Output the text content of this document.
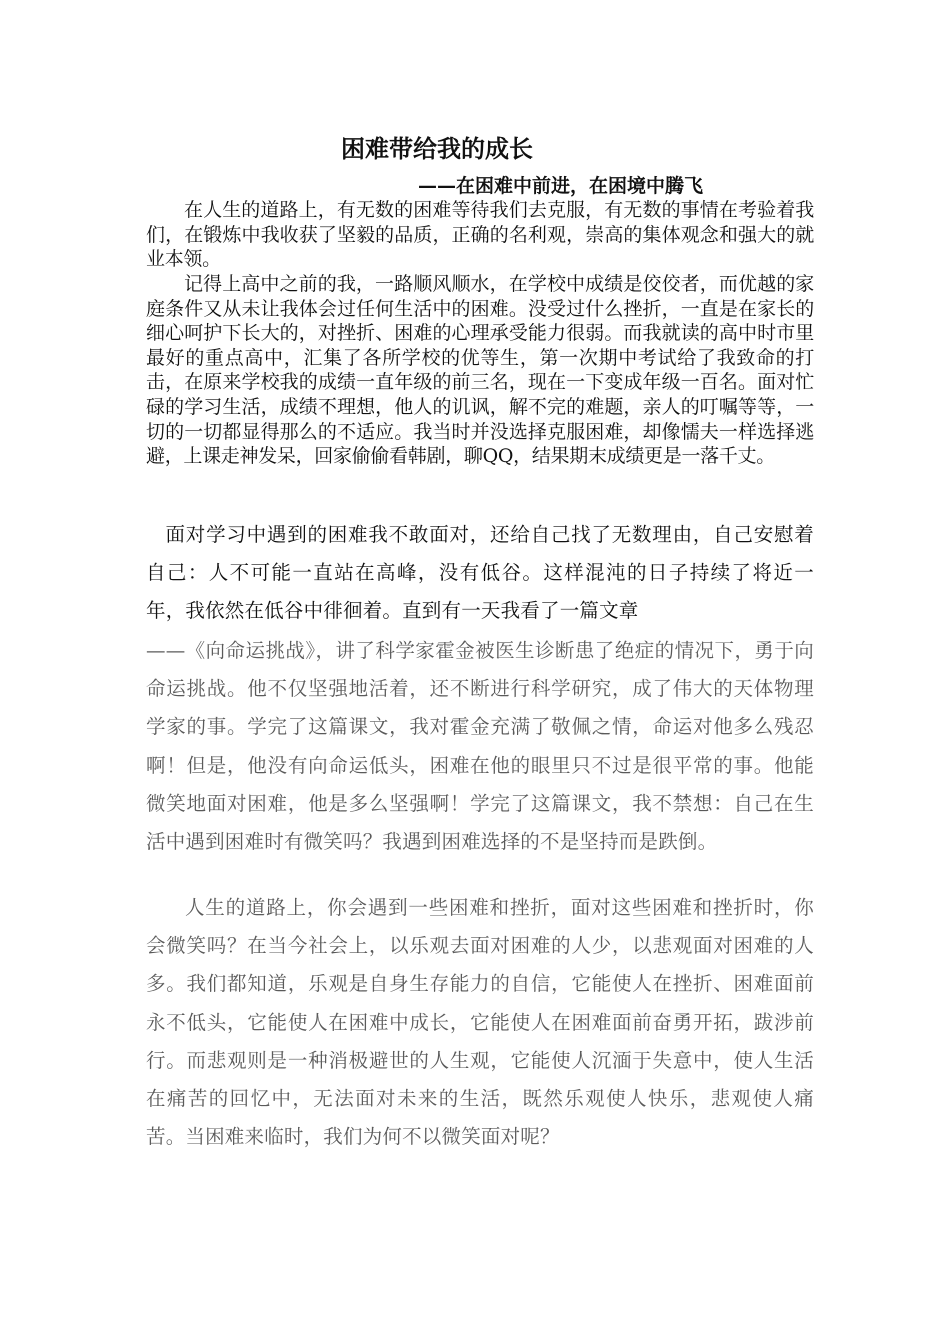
困难带给我的成长
——在困难中前进，在困境中腾飞

在人生的道路上，有无数的困难等待我们去克服，有无数的事情在考验着我们，在锻炼中我收获了坚毅的品质，正确的名利观，崇高的集体观念和强大的就业本领。

记得上高中之前的我，一路顺风顺水，在学校中成绩是佼佼者，而优越的家庭条件又从未让我体会过任何生活中的困难。没受过什么挫折，一直是在家长的细心呵护下长大的，对挫折、困难的心理承受能力很弱。而我就读的高中时市里最好的重点高中，汇集了各所学校的优等生，第一次期中考试给了我致命的打击，在原来学校我的成绩一直年级的前三名，现在一下变成年级一百名。面对忙碌的学习生活，成绩不理想，他人的讥讽，解不完的难题，亲人的叮嘱等等，一切的一切都显得那么的不适应。我当时并没选择克服困难，却像懦夫一样选择逃避，上课走神发呆，回家偷偷看韩剧，聊QQ，结果期末成绩更是一落千丈。

面对学习中遇到的困难我不敢面对，还给自己找了无数理由，自己安慰着自己：人不可能一直站在高峰，没有低谷。这样混沌的日子持续了将近一年，我依然在低谷中徘徊着。直到有一天我看了一篇文章

——《向命运挑战》，讲了科学家霍金被医生诊断患了绝症的情况下，勇于向命运挑战。他不仅坚强地活着，还不断进行科学研究，成了伟大的天体物理学家的事。学完了这篇课文，我对霍金充满了敬佩之情，命运对他多么残忍啊！但是，他没有向命运低头，困难在他的眼里只不过是很平常的事。他能微笑地面对困难，他是多么坚强啊！学完了这篇课文，我不禁想：自己在生活中遇到困难时有微笑吗？我遇到困难选择的不是坚持而是跌倒。

人生的道路上，你会遇到一些困难和挫折，面对这些困难和挫折时，你会微笑吗？在当今社会上，以乐观去面对困难的人少，以悲观面对困难的人多。我们都知道，乐观是自身生存能力的自信，它能使人在挫折、困难面前永不低头，它能使人在困难中成长，它能使人在困难面前奋勇开拓，跋涉前行。而悲观则是一种消极避世的人生观，它能使人沉湎于失意中，使人生活在痛苦的回忆中，无法面对未来的生活，既然乐观使人快乐，悲观使人痛苦。当困难来临时，我们为何不以微笑面对呢？
